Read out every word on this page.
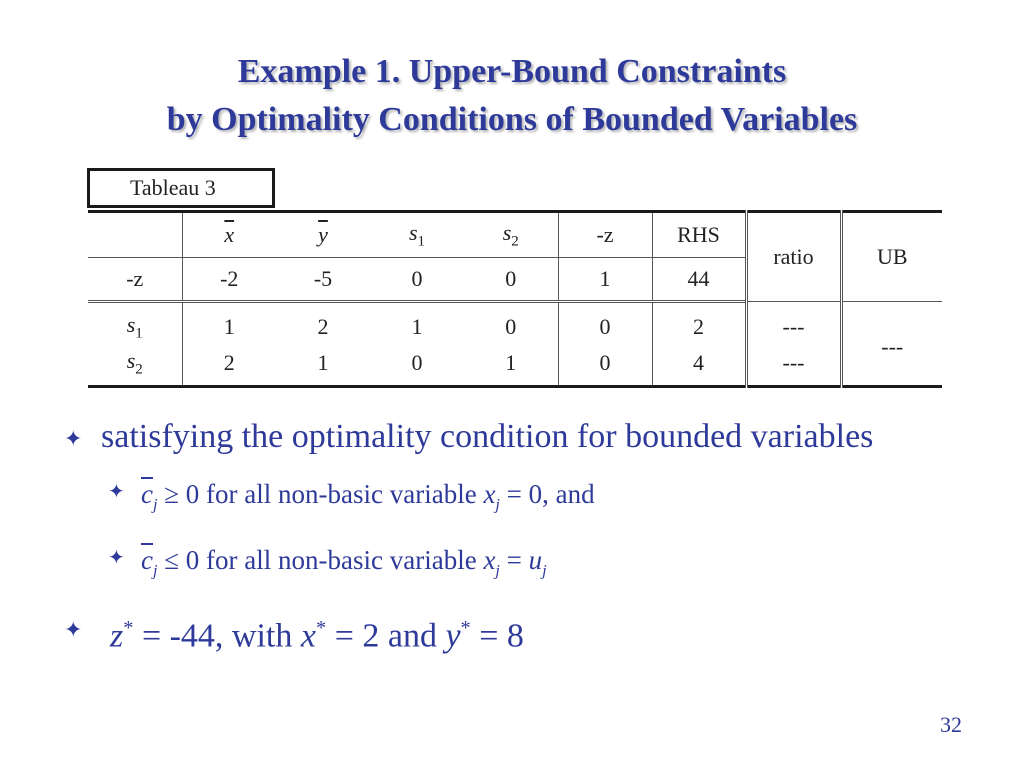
Example 1. Upper-Bound Constraints
by Optimality Conditions of Bounded Variables
Tableau 3
	$\overline{x}$	$\overline{y}$	$s_1$	$s_2$	-z	RHS	ratio	UB
-z	-2	-5	0	0	1	44		
$s_1$	1	2	1	0	0	2	---	---
$s_2$	2	1	0	1	0	4	---	

✦ satisfying the optimality condition for bounded variables

✦ $\overline{c}_j \ge 0$ for all non-basic variable $x_j = 0$, and

✦ $\overline{c}_j \le 0$ for all non-basic variable $x_j = u_j$

✦ z* = -44, with x* = 2 and y* = 8

32
